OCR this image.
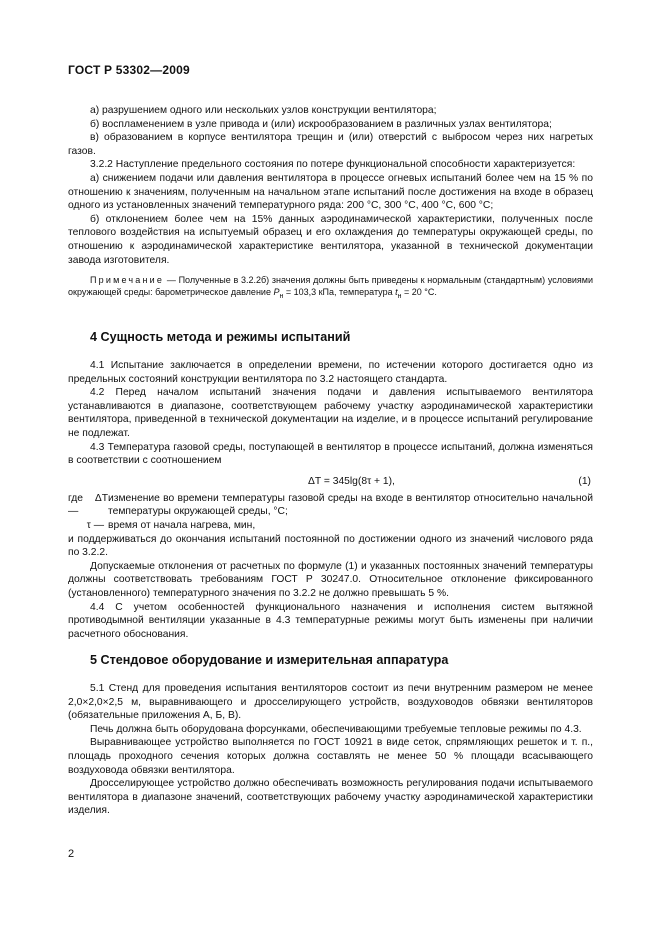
ГОСТ Р 53302—2009

а) разрушением одного или нескольких узлов конструкции вентилятора;

б) воспламенением в узле привода и (или) искрообразованием в различных узлах вентилятора;

в) образованием в корпусе вентилятора трещин и (или) отверстий с выбросом через них нагретых газов.

3.2.2 Наступление предельного состояния по потере функциональной способности характеризуется:

а) снижением подачи или давления вентилятора в процессе огневых испытаний более чем на 15 % по отношению к значениям, полученным на начальном этапе испытаний после достижения на входе в образец одного из установленных значений температурного ряда: 200 °С, 300 °С, 400 °С, 600 °С;

б) отклонением более чем на 15% данных аэродинамической характеристики, полученных после теплового воздействия на испытуемый образец и его охлаждения до температуры окружающей среды, по отношению к аэродинамической характеристике вентилятора, указанной в технической документации завода изготовителя.

Примечание — Полученные в 3.2.2б) значения должны быть приведены к нормальным (стандартным) условиями окружающей среды: барометрическое давление $P_н = 103,3$ кПа, температура $t_н = 20$ °С.

4 Сущность метода и режимы испытаний

4.1 Испытание заключается в определении времени, по истечении которого достигается одно из предельных состояний конструкции вентилятора по 3.2 настоящего стандарта.

4.2 Перед началом испытаний значения подачи и давления испытываемого вентилятора устанавливаются в диапазоне, соответствующем рабочему участку аэродинамической характеристики вентилятора, приведенной в технической документации на изделие, и в процессе испытаний регулирование не подлежат.

4.3 Температура газовой среды, поступающей в вентилятор в процессе испытаний, должна изменяться в соответствии с соотношением

ΔT = 345lg(8τ + 1),	(1)
где ΔT —
изменение во времени температуры газовой среды на входе в вентилятор относительно начальной температуры окружающей среды, °С;
τ — время от начала нагрева, мин,

и поддерживаться до окончания испытаний постоянной по достижении одного из значений числового ряда по 3.2.2.

Допускаемые отклонения от расчетных по формуле (1) и указанных постоянных значений температуры должны соответствовать требованиям ГОСТ Р 30247.0. Относительное отклонение фиксированного (установленного) температурного значения по 3.2.2 не должно превышать 5 %.

4.4 С учетом особенностей функционального назначения и исполнения систем вытяжной противодымной вентиляции указанные в 4.3 температурные режимы могут быть изменены при наличии расчетного обоснования.

5 Стендовое оборудование и измерительная аппаратура

5.1 Стенд для проведения испытания вентиляторов состоит из печи внутренним размером не менее 2,0×2,0×2,5 м, выравнивающего и дросселирующего устройств, воздуховодов обвязки вентиляторов (обязательные приложения А, Б, В).

Печь должна быть оборудована форсунками, обеспечивающими требуемые тепловые режимы по 4.3.

Выравнивающее устройство выполняется по ГОСТ 10921 в виде сеток, спрямляющих решеток и т. п., площадь проходного сечения которых должна составлять не менее 50 % площади всасывающего воздуховода обвязки вентилятора.

Дросселирующее устройство должно обеспечивать возможность регулирования подачи испытываемого вентилятора в диапазоне значений, соответствующих рабочему участку аэродинамической характеристики изделия.

2
